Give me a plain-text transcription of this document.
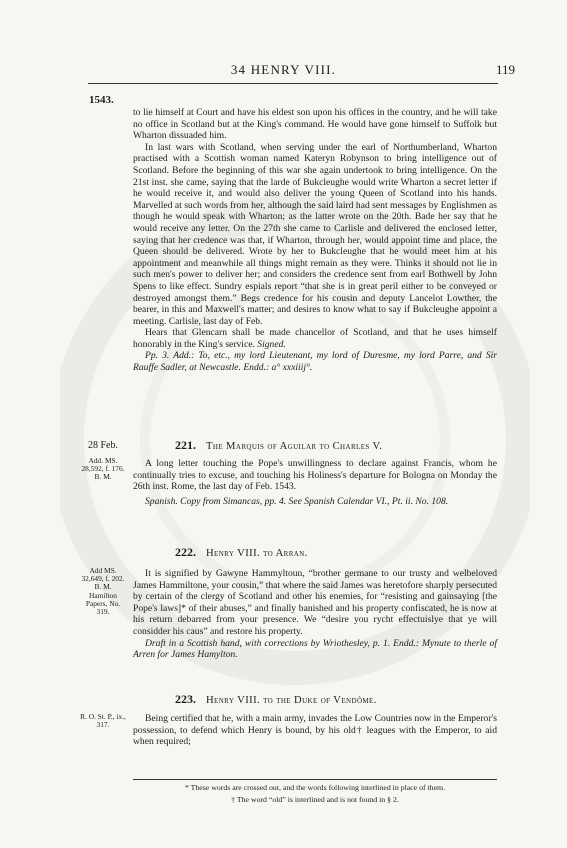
34 HENRY VIII.	119
1543.

to lie himself at Court and have his eldest son upon his offices in the country, and he will take no office in Scotland but at the King's command. He would have gone himself to Suffolk but Wharton dissuaded him.

In last wars with Scotland, when serving under the earl of Northumberland, Wharton practised with a Scottish woman named Kateryn Robynson to bring intelligence out of Scotland. Before the beginning of this war she again undertook to bring intelligence. On the 21st inst. she came, saying that the larde of Bukcleughe would write Wharton a secret letter if he would receive it, and would also deliver the young Queen of Scotland into his hands. Marvelled at such words from her, although the said laird had sent messages by Englishmen as though he would speak with Wharton; as the latter wrote on the 20th. Bade her say that he would receive any letter. On the 27th she came to Carlisle and delivered the enclosed letter, saying that her credence was that, if Wharton, through her, would appoint time and place, the Queen should be delivered. Wrote by her to Bukcleughe that he would meet him at his appointment and meanwhile all things might remain as they were. Thinks it should not lie in such men's power to deliver her; and considers the credence sent from earl Bothwell by John Spens to like effect. Sundry espials report “that she is in great peril either to be conveyed or destroyed amongst them.” Begs credence for his cousin and deputy Lancelot Lowther, the bearer, in this and Maxwell's matter; and desires to know what to say if Bukcleughe appoint a meeting. Carlisle, last day of Feb.

Hears that Glencarn shall be made chancellor of Scotland, and that he uses himself honorably in the King's service. Signed.

Pp. 3. Add.: To, etc., my lord Lieutenant, my lord of Duresme, my lord Parre, and Sir Rauffe Sadler, at Newcastle. Endd.: a° xxxiiij°.

28 Feb.
Add. MS. 28,592, f. 176. B. M.
221. The Marquis of Aguilar to Charles V.

A long letter touching the Pope's unwillingness to declare against Francis, whom he continually tries to excuse, and touching his Holiness's departure for Bologna on Monday the 26th inst. Rome, the last day of Feb. 1543.

Spanish. Copy from Simancas, pp. 4. See Spanish Calendar VI., Pt. ii. No. 108.

Add MS. 32,649, f. 202. B. M. Hamilton Papers, No. 319.
222. Henry VIII. to Arran.

It is signified by Gawyne Hammyltoun, “brother germane to our trusty and welbeloved James Hammiltone, your cousin,” that where the said James was heretofore sharply persecuted by certain of the clergy of Scotland and other his enemies, for “resisting and gainsaying [the Pope's laws]* of their abuses,” and finally banished and his property confiscated, he is now at his return debarred from your presence. We “desire you rycht effectuislye that ye will considder his caus” and restore his property.

Draft in a Scottish hand, with corrections by Wriothesley, p. 1. Endd.: Mynute to therle of Arren for James Hamylton.

R. O. St. P., ix., 317.
223. Henry VIII. to the Duke of Vendôme.

Being certified that he, with a main army, invades the Low Countries now in the Emperor's possession, to defend which Henry is bound, by his old† leagues with the Emperor, to aid when required;

* These words are crossed out, and the words following interlined in place of them.
† The word “old” is interlined and is not found in § 2.
